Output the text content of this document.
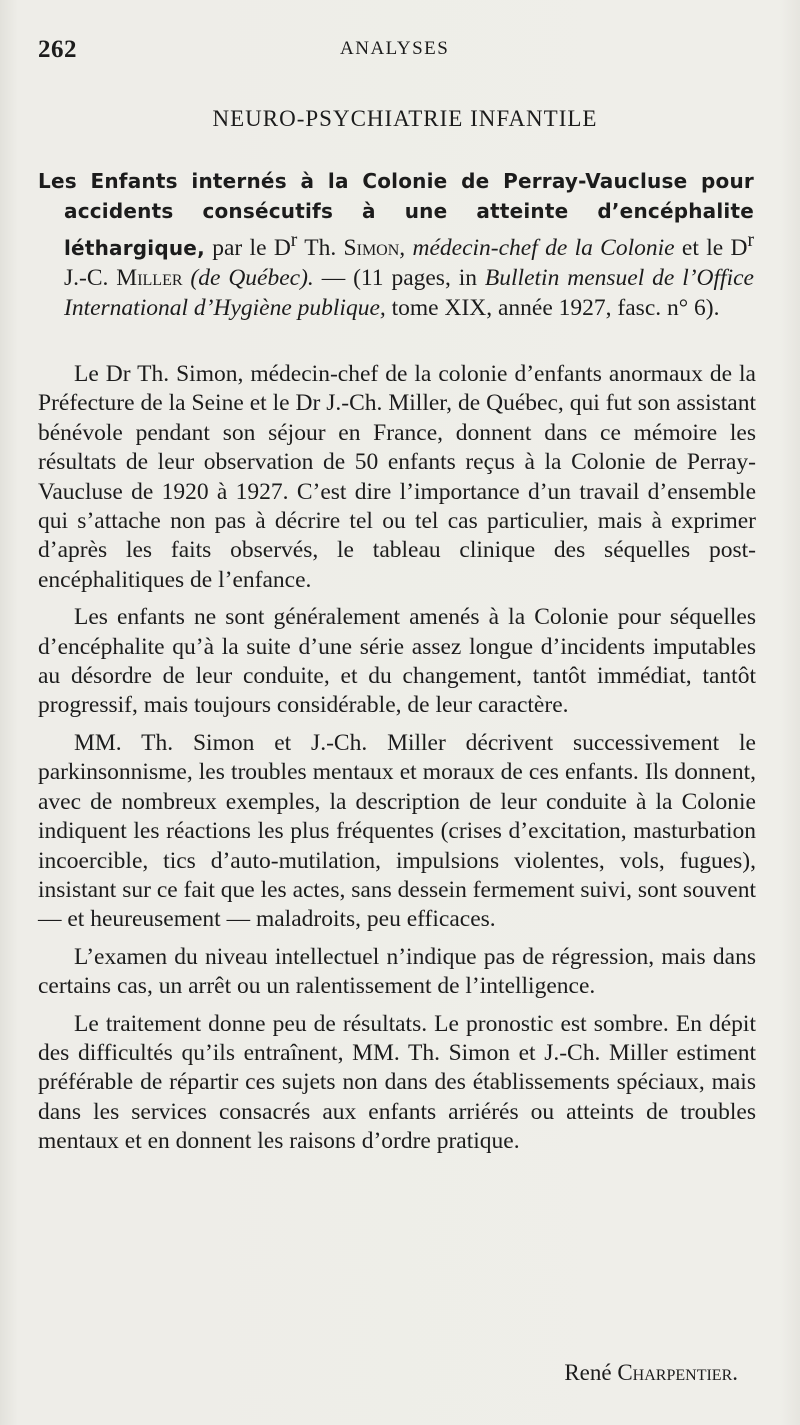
262	ANALYSES
NEURO-PSYCHIATRIE INFANTILE
Les Enfants internés à la Colonie de Perray-Vaucluse pour accidents consécutifs à une atteinte d’encéphalite léthargique, par le $D^r$ Th. Simon, médecin-chef de la Colonie et le $D^r$ J.-C. Miller (de Québec). — (11 pages, in Bulletin mensuel de l’Office International d’Hygiène publique, tome XIX, année 1927, fasc. n° 6).

Le Dr Th. Simon, médecin-chef de la colonie d’enfants anormaux de la Préfecture de la Seine et le Dr J.-Ch. Miller, de Québec, qui fut son assistant bénévole pendant son séjour en France, donnent dans ce mémoire les résultats de leur observation de 50 enfants reçus à la Colonie de Perray-Vaucluse de 1920 à 1927. C’est dire l’importance d’un travail d’ensemble qui s’attache non pas à décrire tel ou tel cas particulier, mais à exprimer d’après les faits observés, le tableau clinique des séquelles post-encéphalitiques de l’enfance.

Les enfants ne sont généralement amenés à la Colonie pour séquelles d’encéphalite qu’à la suite d’une série assez longue d’incidents imputables au désordre de leur conduite, et du changement, tantôt immédiat, tantôt progressif, mais toujours considérable, de leur caractère.

MM. Th. Simon et J.-Ch. Miller décrivent successivement le parkinsonnisme, les troubles mentaux et moraux de ces enfants. Ils donnent, avec de nombreux exemples, la description de leur conduite à la Colonie indiquent les réactions les plus fréquentes (crises d’excitation, masturbation incoercible, tics d’auto-mutilation, impulsions violentes, vols, fugues), insistant sur ce fait que les actes, sans dessein fermement suivi, sont souvent — et heureusement — maladroits, peu efficaces.

L’examen du niveau intellectuel n’indique pas de régression, mais dans certains cas, un arrêt ou un ralentissement de l’intelligence.

Le traitement donne peu de résultats. Le pronostic est sombre. En dépit des difficultés qu’ils entraînent, MM. Th. Simon et J.-Ch. Miller estiment préférable de répartir ces sujets non dans des établissements spéciaux, mais dans les services consacrés aux enfants arriérés ou atteints de troubles mentaux et en donnent les raisons d’ordre pratique.

René Charpentier.
